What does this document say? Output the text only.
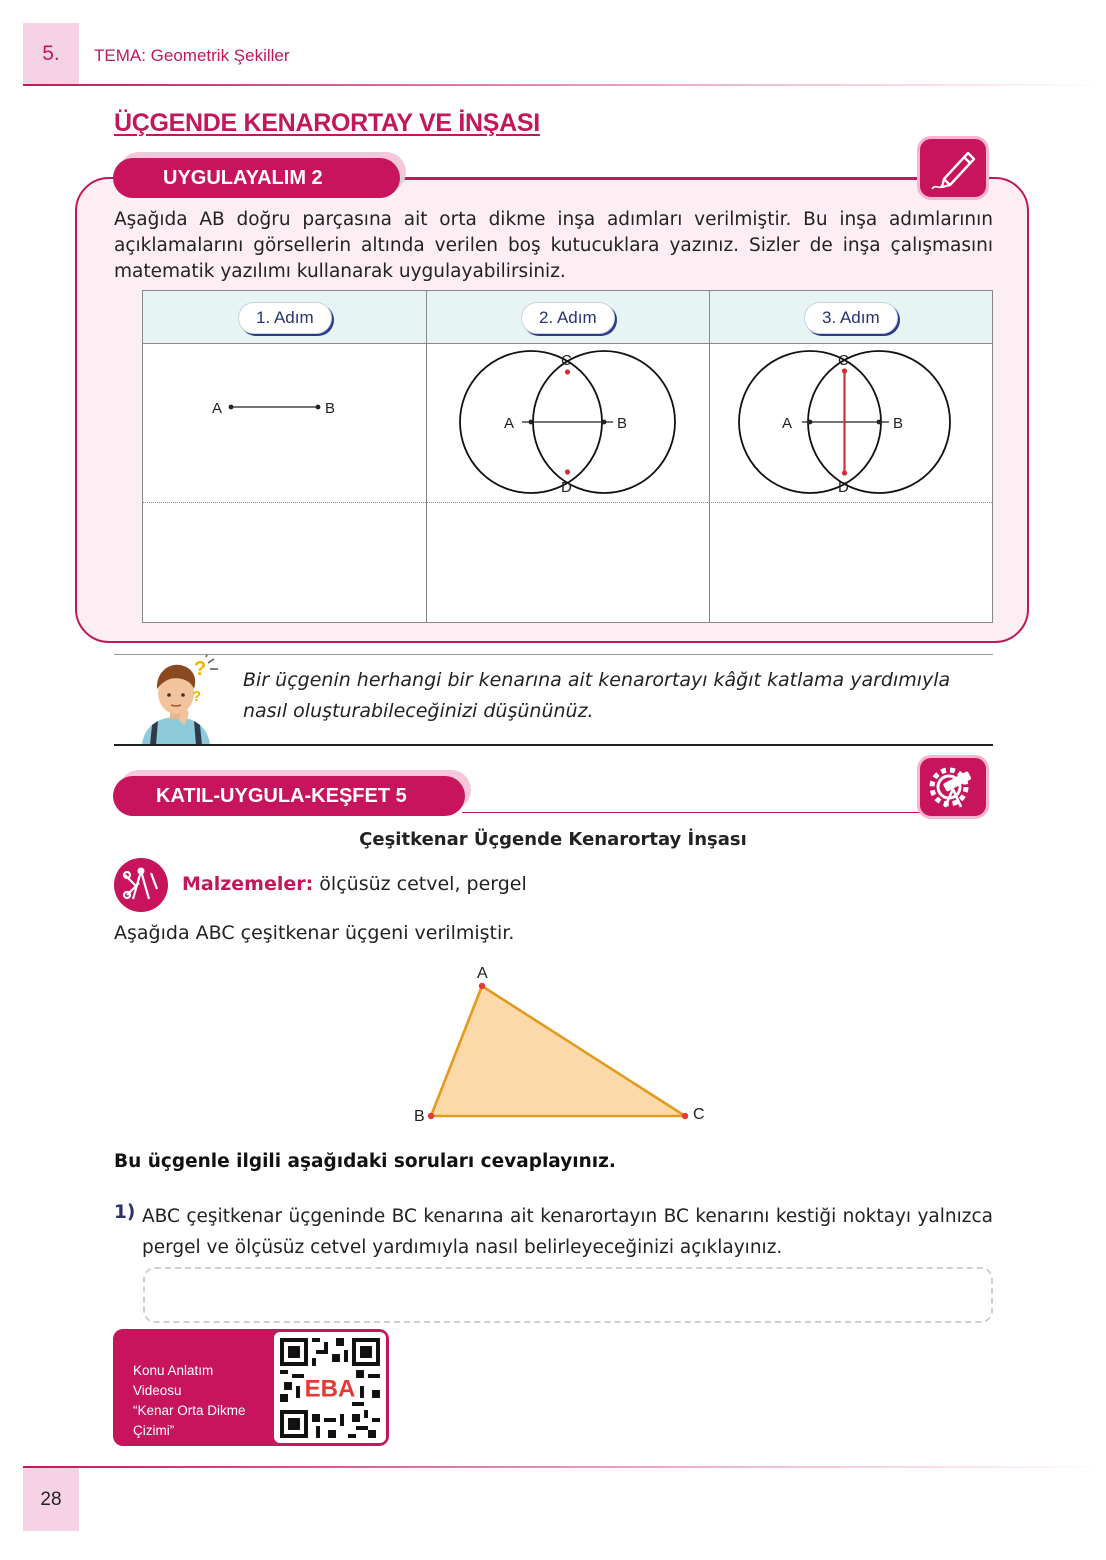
5.	TEMA: Geometrik Şekiller
ÜÇGENDE KENARORTAY VE İNŞASI
UYGULAYALIM 2
Aşağıda AB doğru parçasına ait orta dikme inşa adımları verilmiştir. Bu inşa adımlarının açıklamalarını görsellerin altında verilen boş kutucuklara yazınız. Sizler de inşa çalışmasını matematik yazılımı kullanarak uygulayabilirsiniz.
1. Adım	2. Adım	3. Adım
A	B
A	B
C
D
A	B
C
D
?
?
Bir üçgenin herhangi bir kenarına ait kenarortayı kâğıt katlama yardımıyla nasıl oluşturabileceğinizi düşününüz.
KATIL-UYGULA-KEŞFET 5
Çeşitkenar Üçgende Kenarortay İnşası
Malzemeler: ölçüsüz cetvel, pergel
Aşağıda ABC çeşitkenar üçgeni verilmiştir.
A
B	C
Bu üçgenle ilgili aşağıdaki soruları cevaplayınız.
1) ABC çeşitkenar üçgeninde BC kenarına ait kenarortayın BC kenarını kestiği noktayı yalnızca pergel ve ölçüsüz cetvel yardımıyla nasıl belirleyeceğinizi açıklayınız.
Konu Anlatım Videosu
“Kenar Orta Dikme
Çizimi”
EBA
28
